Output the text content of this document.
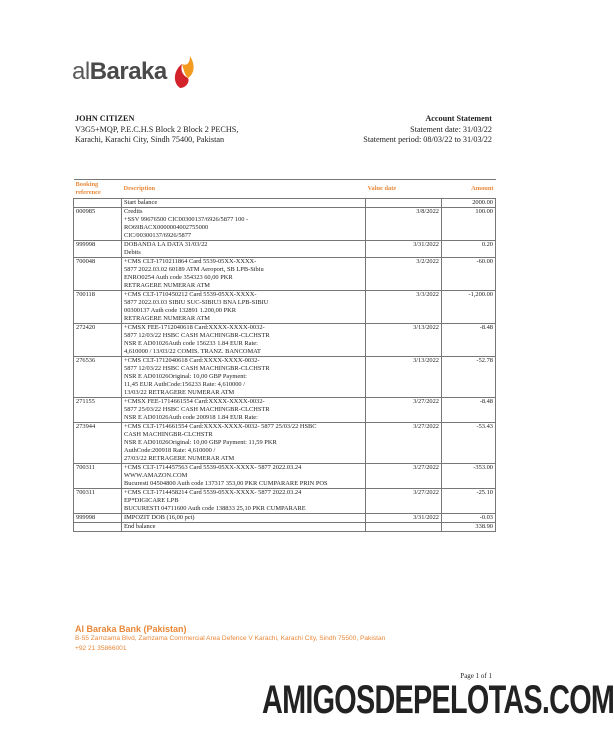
alBaraka
JOHN CITIZEN
V3G5+MQP, P.E.C.H.S Block 2 Block 2 PECHS,
Karachi, Karachi City, Sindh 75400, Pakistan
Account Statement
Statement date: 31/03/22
Statement period: 08/03/22 to 31/03/22
Booking reference	Description	Value date	Amount
	Start balance		2000.00
000985	Credits
+SSV 99676500 CIC00300137/6926/5877 100 -
RO69BACX0000004002755000
CIC/00300137/6926/5877	3/8/2022	100.00
999998	DOBANDA LA DATA 31/03/22
Debits	3/31/2022	0.20
700048	+CMS CLT-1710211864 Card 5539-05XX-XXXX-
5877 2022.03.02 60189 ATM Aeroport, SB LPB-Sibiu
ENRO0254 Auth code 354323 60,00 PKR
RETRAGERE NUMERAR ATM	3/2/2022	-60.00
700118	+CMS CLT-1710450212 Card 5539-05XX-XXXX-
5877 2022.03.03 SIBIU SUC-SIBIU3 BNA LPB-SIBIU
00300137 Auth code 132891 1.200,00 PKR
RETRAGERE NUMERAR ATM	3/3/2022	-1,200.00
272420	+CMSX FEE-1712040618 Card:XXXX-XXXX-0032-
5877 12/03/22 HSBC CASH MACHINGBR-CLCHSTR
NSR E AD01026Auth code 156233 1.84 EUR Rate:
4,610000 / 13/03/22 COMIS. TRANZ. BANCOMAT	3/13/2022	-8.48
276536	+CMS CLT-1712040618 Card:XXXX-XXXX-0032-
5877 12/03/22 HSBC CASH MACHINGBR-CLCHSTR
NSR E AD01026Original: 10,00 GBP Payment:
11,45 EUR AuthCode:156233 Rate: 4,610000 /
13/03/22 RETRAGERE NUMERAR ATM	3/13/2022	-52.78
271155	+CMSX FEE-1714661554 Card:XXXX-XXXX-0032-
5877 25/03/22 HSBC CASH MACHINGBR-CLCHSTR
NSR E AD01026Auth code 200918 1.84 EUR Rate:	3/27/2022	-8.48
273944	+CMS CLT-1714661554 Card:XXXX-XXXX-0032- 5877 25/03/22 HSBC
CASH MACHINGBR-CLCHSTR
NSR E AD01026Original: 10,00 GBP Payment: 11,59 PKR
AuthCode:200918 Rate: 4,610000 /
27/03/22 RETRAGERE NUMERAR ATM	3/27/2022	-53.43
700311	+CMS CLT-1714457563 Card 5539-05XX-XXXX- 5877 2022.03.24
WWW.AMAZON.COM
Bucuresti 04504800 Auth code 137317 353,00 PKR CUMPARARE PRIN POS	3/27/2022	-353.00
700311	+CMS CLT-1714458214 Card 5539-05XX-XXXX- 5877 2022.03.24
EP*DIGICARE LPB
BUCURESTI 04711600 Auth code 138833 25,10 PKR CUMPARARE	3/27/2022	-25.10
999998	IMPOZIT DOB (16,00 pct)	3/31/2022	-0.03
	End balance		338.90
Al Baraka Bank (Pakistan)
B-55 Zamzama Blvd, Zamzama Commercial Area Defence V Karachi, Karachi City, Sindh 75500, Pakistan
+92 21 35866001
Page 1 of 1
AMIGOSDEPELOTAS.COM
